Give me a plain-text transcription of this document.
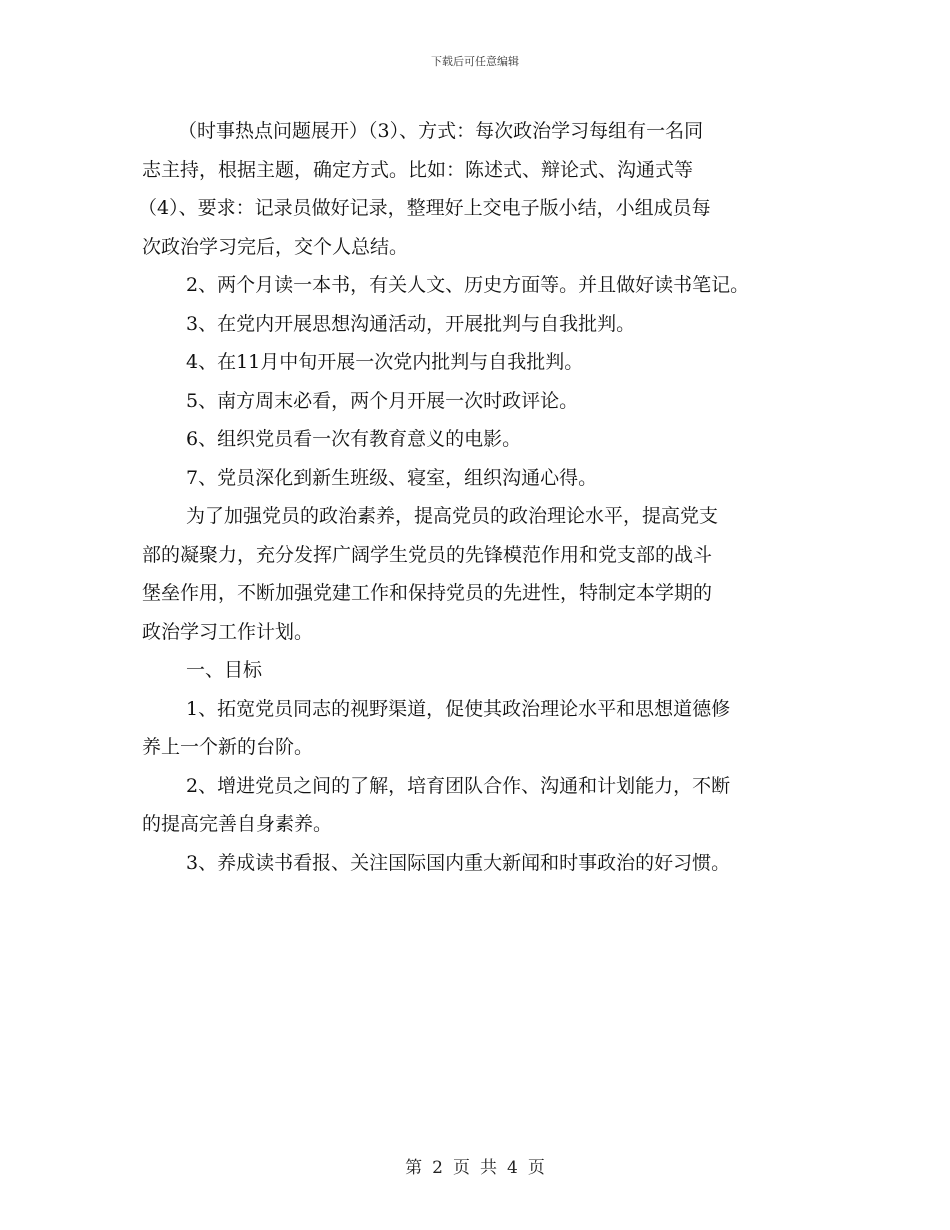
下载后可任意编辑
（时事热点问题展开）（3）、方式：每次政治学习每组有一名同
志主持，根据主题，确定方式。比如：陈述式、辩论式、沟通式等
（4）、要求：记录员做好记录，整理好上交电子版小结，小组成员每
次政治学习完后，交个人总结。
2、两个月读一本书，有关人文、历史方面等。并且做好读书笔记。
3、在党内开展思想沟通活动，开展批判与自我批判。
4、在11月中旬开展一次党内批判与自我批判。
5、南方周末必看，两个月开展一次时政评论。
6、组织党员看一次有教育意义的电影。
7、党员深化到新生班级、寝室，组织沟通心得。
为了加强党员的政治素养，提高党员的政治理论水平，提高党支
部的凝聚力，充分发挥广阔学生党员的先锋模范作用和党支部的战斗
堡垒作用，不断加强党建工作和保持党员的先进性，特制定本学期的
政治学习工作计划。
一、目标
1、拓宽党员同志的视野渠道，促使其政治理论水平和思想道德修
养上一个新的台阶。
2、增进党员之间的了解，培育团队合作、沟通和计划能力，不断
的提高完善自身素养。
3、养成读书看报、关注国际国内重大新闻和时事政治的好习惯。
第 2 页 共 4 页
